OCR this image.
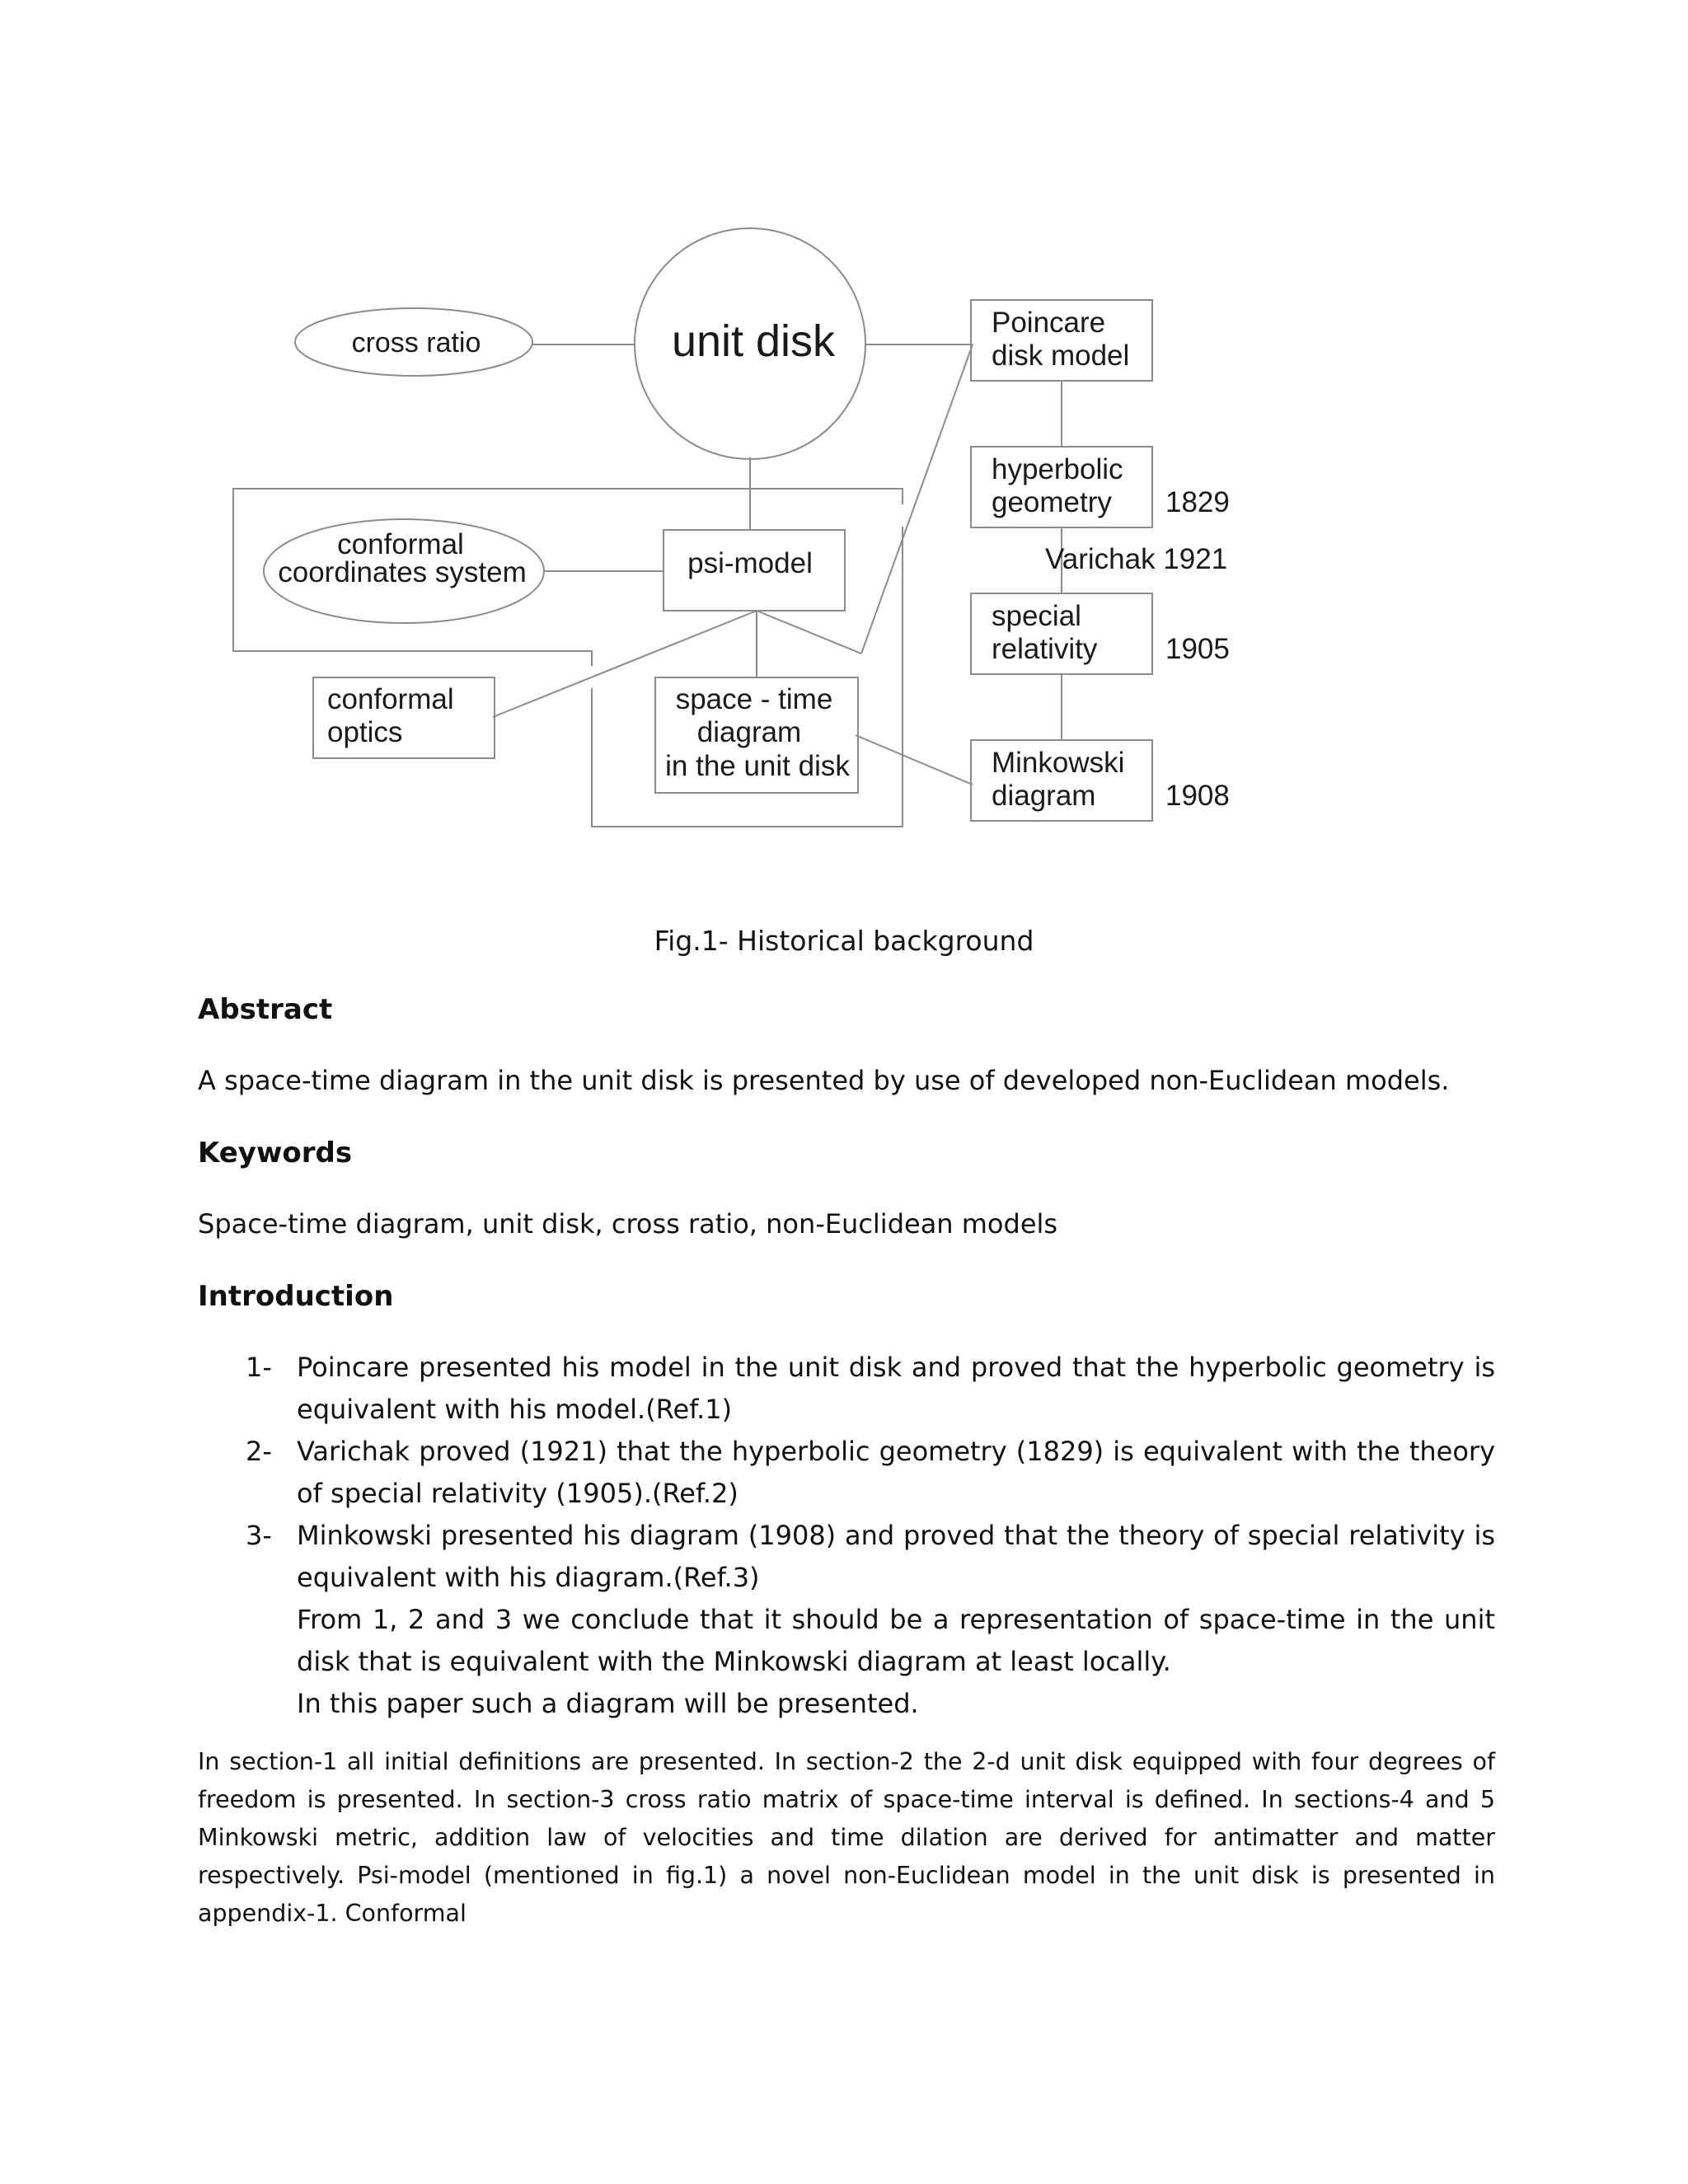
cross ratio	unit disk	Poincare
disk model
hyperbolic
geometry 1829
Varichak 1921
conformal
coordinates system	psi-model
special
relativity 1905
conformal
optics
space - time
diagram
in the unit disk	Minkowski
diagram 1908
Fig.1- Historical background
Abstract

A space-time diagram in the unit disk is presented by use of developed non-Euclidean models.

Keywords

Space-time diagram, unit disk, cross ratio, non-Euclidean models

Introduction
1- Poincare presented his model in the unit disk and proved that the hyperbolic geometry is equivalent with his model.(Ref.1)
2- Varichak proved (1921) that the hyperbolic geometry (1829) is equivalent with the theory of special relativity (1905).(Ref.2)
3- Minkowski presented his diagram (1908) and proved that the theory of special relativity is equivalent with his diagram.(Ref.3)

From 1, 2 and 3 we conclude that it should be a representation of space-time in the unit disk that is equivalent with the Minkowski diagram at least locally.

In this paper such a diagram will be presented.

In section-1 all initial definitions are presented. In section-2 the 2-d unit disk equipped with four degrees of freedom is presented. In section-3 cross ratio matrix of space-time interval is defined. In sections-4 and 5 Minkowski metric, addition law of velocities and time dilation are derived for antimatter and matter respectively. Psi-model (mentioned in fig.1) a novel non-Euclidean model in the unit disk is presented in appendix-1. Conformal
